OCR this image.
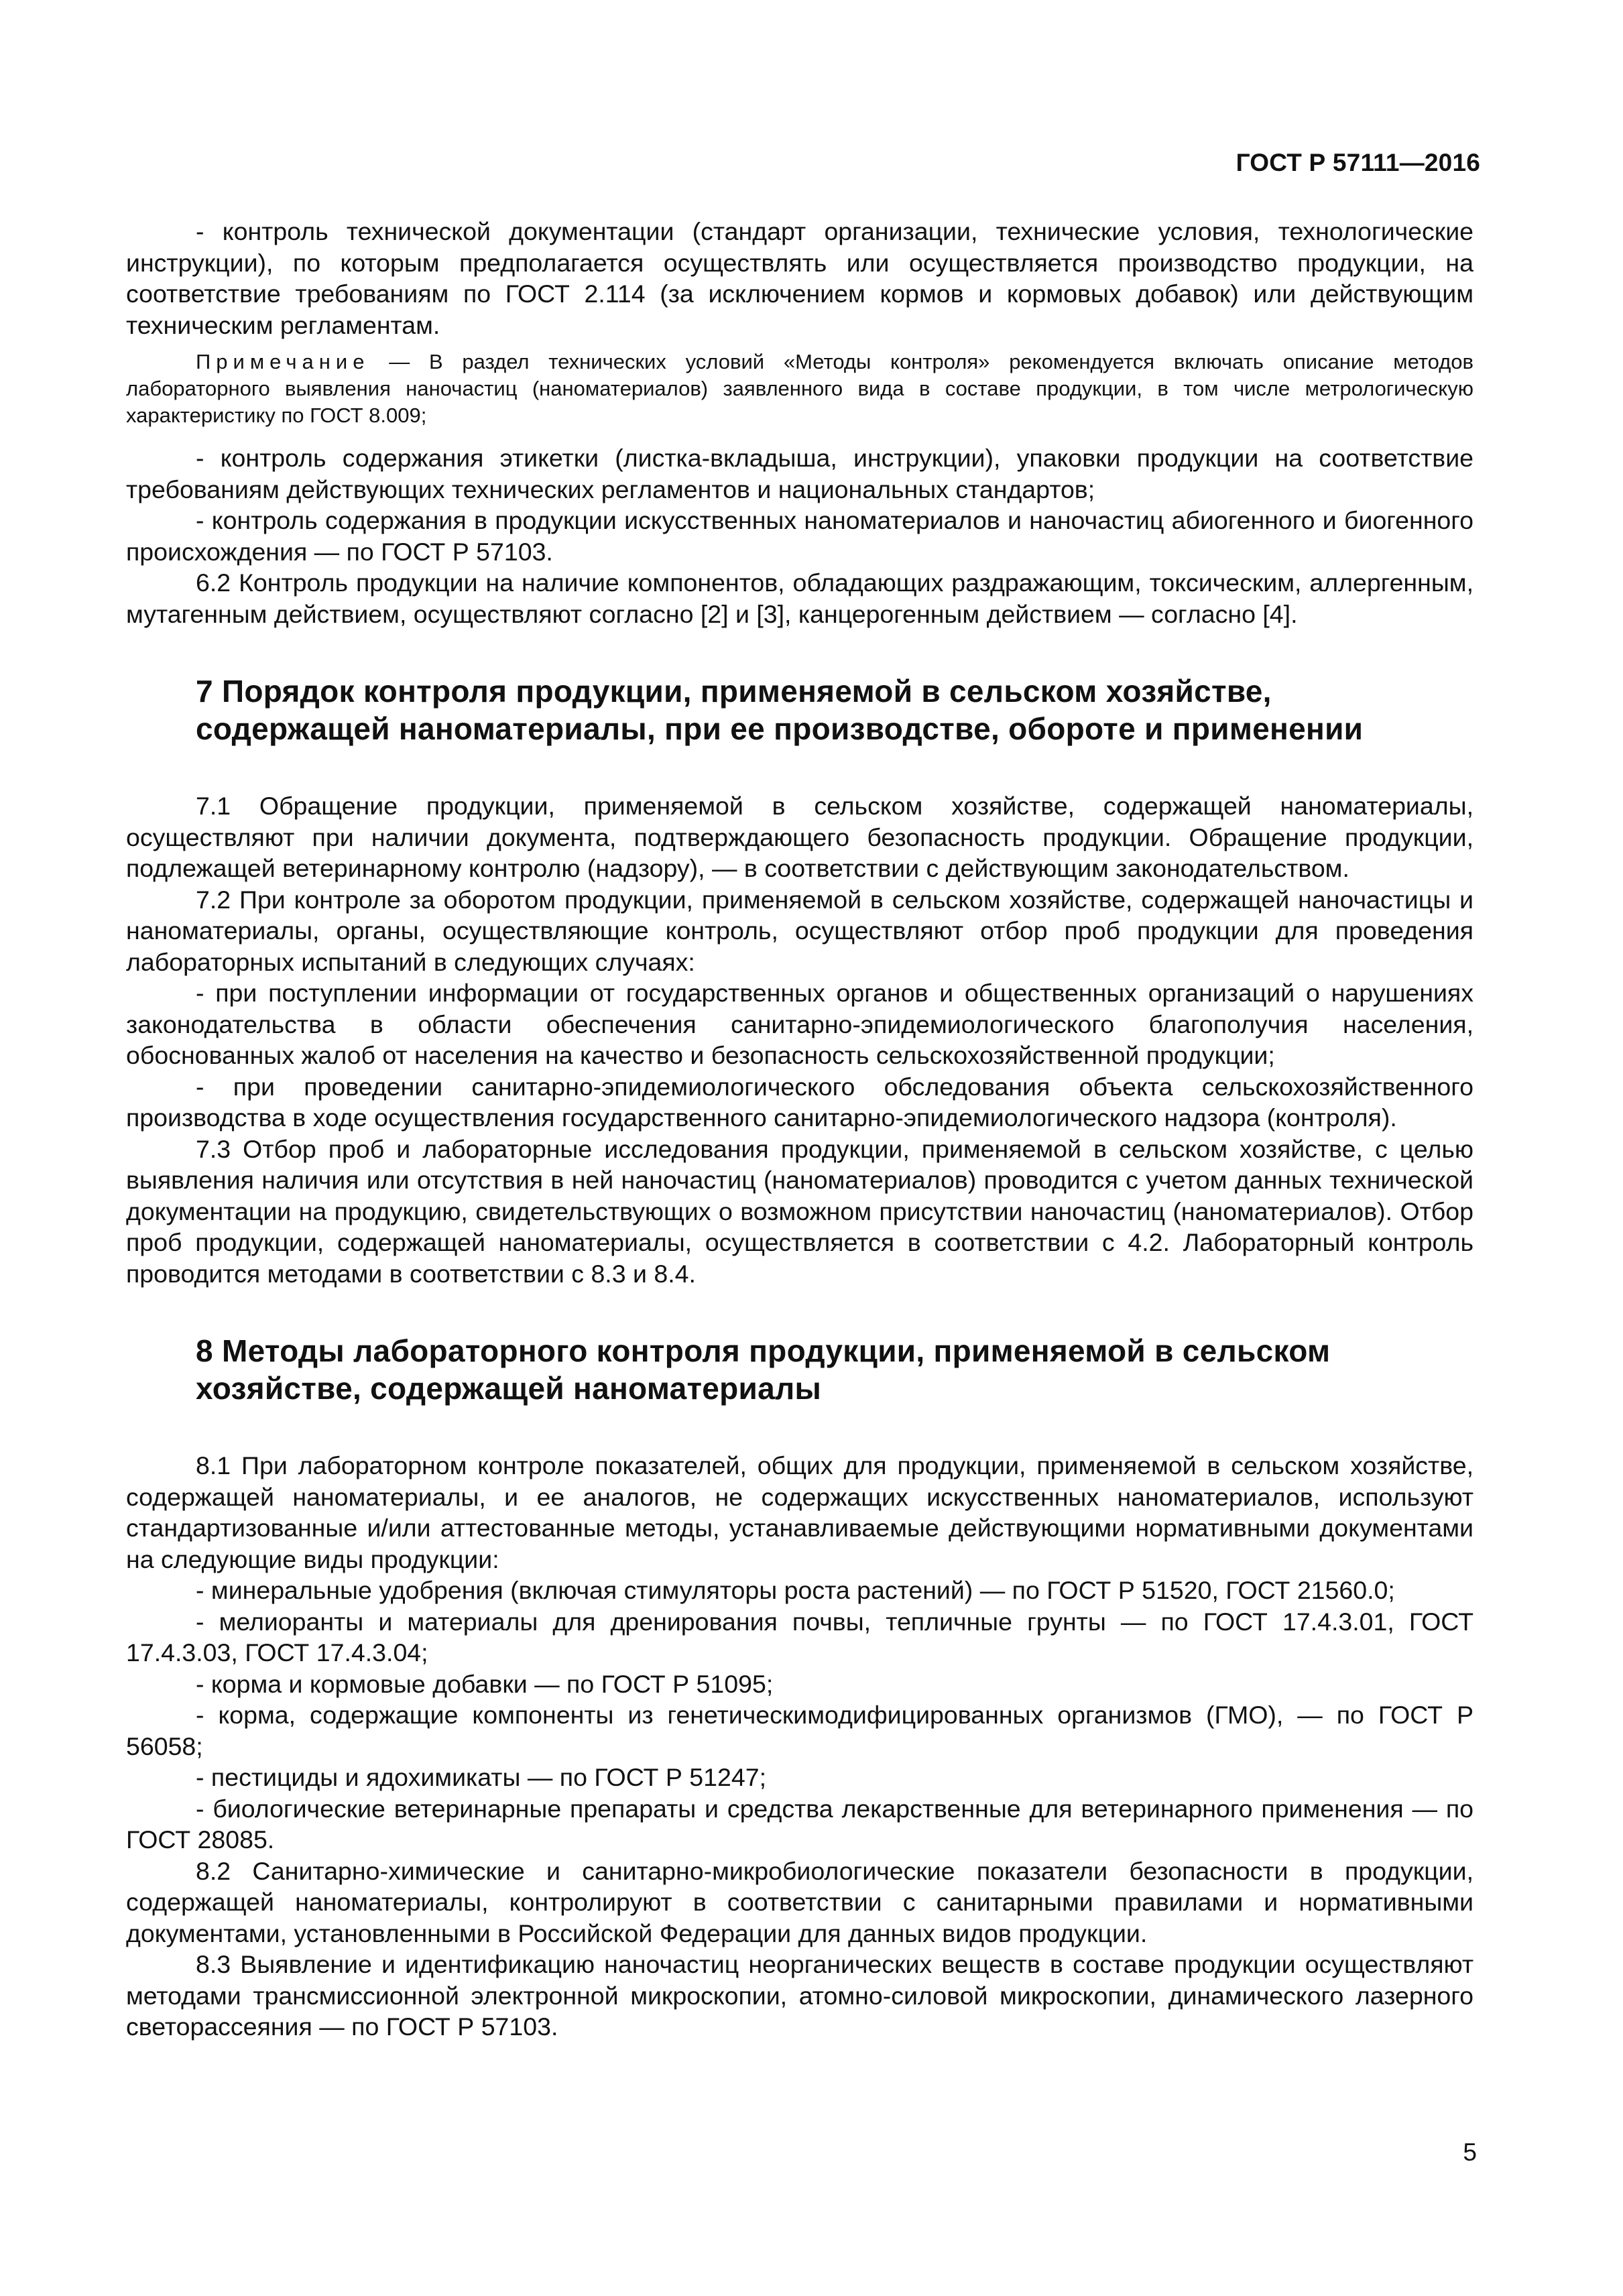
ГОСТ Р 57111—2016

- контроль технической документации (стандарт организации, технические условия, технологические инструкции), по которым предполагается осуществлять или осуществляется производство продукции, на соответствие требованиям по ГОСТ 2.114 (за исключением кормов и кормовых добавок) или действующим техническим регламентам.

Примечание — В раздел технических условий «Методы контроля» рекомендуется включать описание методов лабораторного выявления наночастиц (наноматериалов) заявленного вида в составе продукции, в том числе метрологическую характеристику по ГОСТ 8.009;

- контроль содержания этикетки (листка-вкладыша, инструкции), упаковки продукции на соответствие требованиям действующих технических регламентов и национальных стандартов;

- контроль содержания в продукции искусственных наноматериалов и наночастиц абиогенного и биогенного происхождения — по ГОСТ Р 57103.

6.2 Контроль продукции на наличие компонентов, обладающих раздражающим, токсическим, аллергенным, мутагенным действием, осуществляют согласно [2] и [3], канцерогенным действием — согласно [4].

7 Порядок контроля продукции, применяемой в сельском хозяйстве, содержащей наноматериалы, при ее производстве, обороте и применении

7.1 Обращение продукции, применяемой в сельском хозяйстве, содержащей наноматериалы, осуществляют при наличии документа, подтверждающего безопасность продукции. Обращение продукции, подлежащей ветеринарному контролю (надзору), — в соответствии с действующим законодательством.

7.2 При контроле за оборотом продукции, применяемой в сельском хозяйстве, содержащей наночастицы и наноматериалы, органы, осуществляющие контроль, осуществляют отбор проб продукции для проведения лабораторных испытаний в следующих случаях:

- при поступлении информации от государственных органов и общественных организаций о нарушениях законодательства в области обеспечения санитарно-эпидемиологического благополучия населения, обоснованных жалоб от населения на качество и безопасность сельскохозяйственной продукции;

- при проведении санитарно-эпидемиологического обследования объекта сельскохозяйственного производства в ходе осуществления государственного санитарно-эпидемиологического надзора (контроля).

7.3 Отбор проб и лабораторные исследования продукции, применяемой в сельском хозяйстве, с целью выявления наличия или отсутствия в ней наночастиц (наноматериалов) проводится с учетом данных технической документации на продукцию, свидетельствующих о возможном присутствии наночастиц (наноматериалов). Отбор проб продукции, содержащей наноматериалы, осуществляется в соответствии с 4.2. Лабораторный контроль проводится методами в соответствии с 8.3 и 8.4.

8 Методы лабораторного контроля продукции, применяемой в сельском хозяйстве, содержащей наноматериалы

8.1 При лабораторном контроле показателей, общих для продукции, применяемой в сельском хозяйстве, содержащей наноматериалы, и ее аналогов, не содержащих искусственных наноматериалов, используют стандартизованные и/или аттестованные методы, устанавливаемые действующими нормативными документами на следующие виды продукции:

- минеральные удобрения (включая стимуляторы роста растений) — по ГОСТ Р 51520, ГОСТ 21560.0;

- мелиоранты и материалы для дренирования почвы, тепличные грунты — по ГОСТ 17.4.3.01, ГОСТ 17.4.3.03, ГОСТ 17.4.3.04;

- корма и кормовые добавки — по ГОСТ Р 51095;

- корма, содержащие компоненты из генетическимодифицированных организмов (ГМО), — по ГОСТ Р 56058;

- пестициды и ядохимикаты — по ГОСТ Р 51247;

- биологические ветеринарные препараты и средства лекарственные для ветеринарного применения — по ГОСТ 28085.

8.2 Санитарно-химические и санитарно-микробиологические показатели безопасности в продукции, содержащей наноматериалы, контролируют в соответствии с санитарными правилами и нормативными документами, установленными в Российской Федерации для данных видов продукции.

8.3 Выявление и идентификацию наночастиц неорганических веществ в составе продукции осуществляют методами трансмиссионной электронной микроскопии, атомно-силовой микроскопии, динамического лазерного светорассеяния — по ГОСТ Р 57103.

5
